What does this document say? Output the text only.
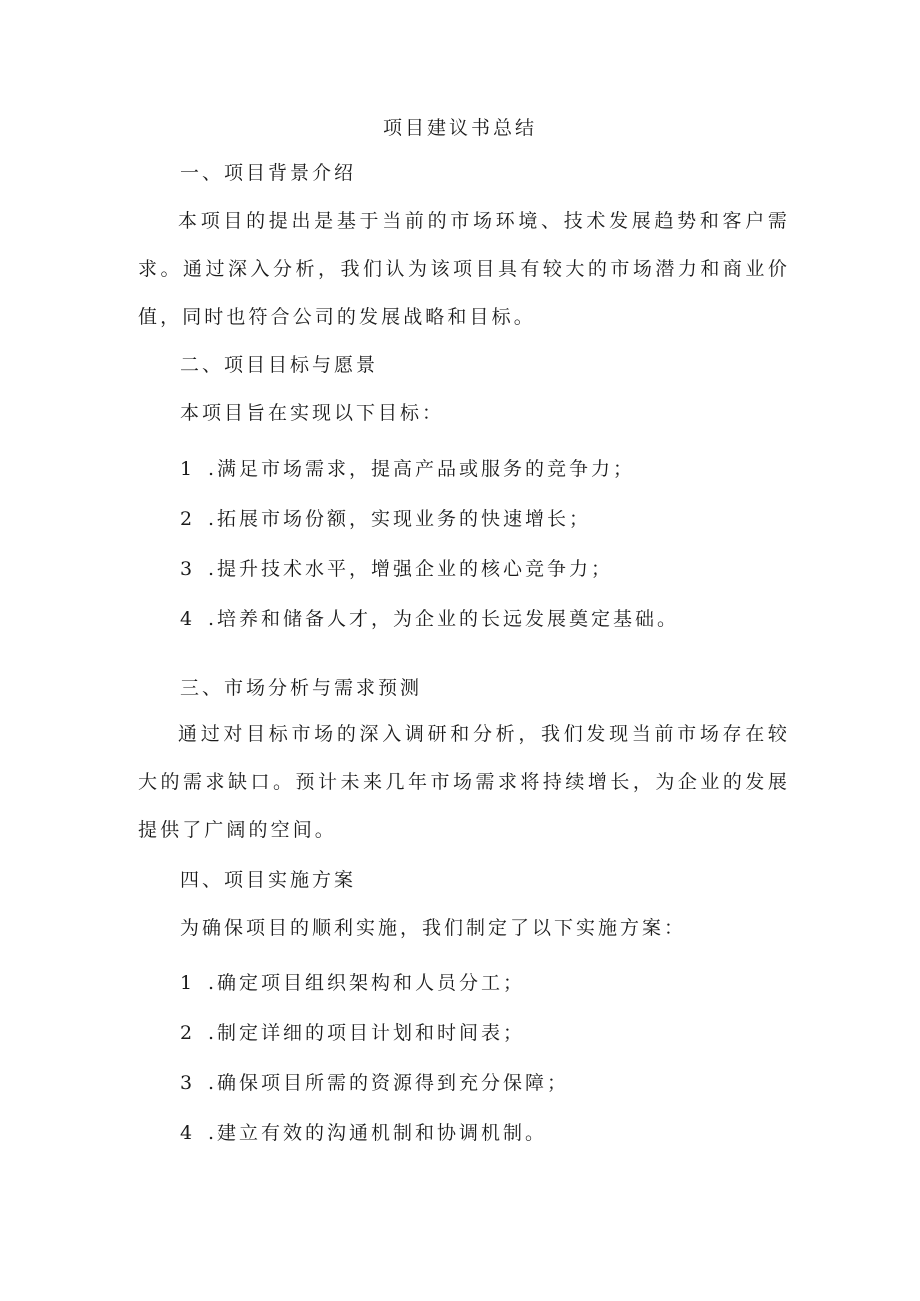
项目建议书总结
一、项目背景介绍
本项目的提出是基于当前的市场环境、技术发展趋势和客户需求。通过深入分析，我们认为该项目具有较大的市场潜力和商业价值，同时也符合公司的发展战略和目标。
二、项目目标与愿景
本项目旨在实现以下目标：
1 .满足市场需求，提高产品或服务的竞争力；
2 .拓展市场份额，实现业务的快速增长；
3 .提升技术水平，增强企业的核心竞争力；
4 .培养和储备人才，为企业的长远发展奠定基础。
三、市场分析与需求预测
通过对目标市场的深入调研和分析，我们发现当前市场存在较大的需求缺口。预计未来几年市场需求将持续增长，为企业的发展提供了广阔的空间。
四、项目实施方案
为确保项目的顺利实施，我们制定了以下实施方案：
1 .确定项目组织架构和人员分工；
2 .制定详细的项目计划和时间表；
3 .确保项目所需的资源得到充分保障；
4 .建立有效的沟通机制和协调机制。
